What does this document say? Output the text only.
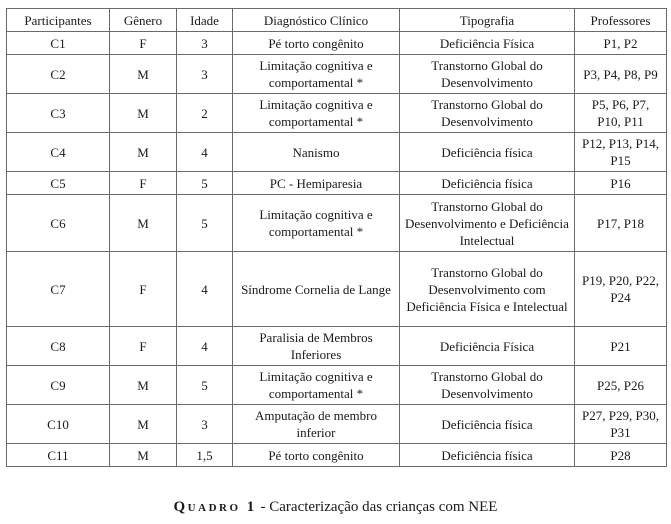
Participantes	Gênero	Idade	Diagnóstico Clínico	Tipografia	Professores
C1	F	3	Pé torto congênito	Deficiência Física	P1, P2
C2	M	3	Limitação cognitiva e comportamental *	Transtorno Global do Desenvolvimento	P3, P4, P8, P9
C3	M	2	Limitação cognitiva e comportamental *	Transtorno Global do Desenvolvimento	P5, P6, P7, P10, P11
C4	M	4	Nanismo	Deficiência física	P12, P13, P14, P15
C5	F	5	PC - Hemiparesia	Deficiência física	P16
C6	M	5	Limitação cognitiva e comportamental *	Transtorno Global do Desenvolvimento e Deficiência Intelectual	P17, P18
C7	F	4	Síndrome Cornelia de Lange	Transtorno Global do Desenvolvimento com Deficiência Física e Intelectual	P19, P20, P22, P24
C8	F	4	Paralisia de Membros Inferiores	Deficiência Física	P21
C9	M	5	Limitação cognitiva e comportamental *	Transtorno Global do Desenvolvimento	P25, P26
C10	M	3	Amputação de membro inferior	Deficiência física	P27, P29, P30, P31
C11	M	1,5	Pé torto congênito	Deficiência física	P28
Quadro 1 - Caracterização das crianças com NEE
